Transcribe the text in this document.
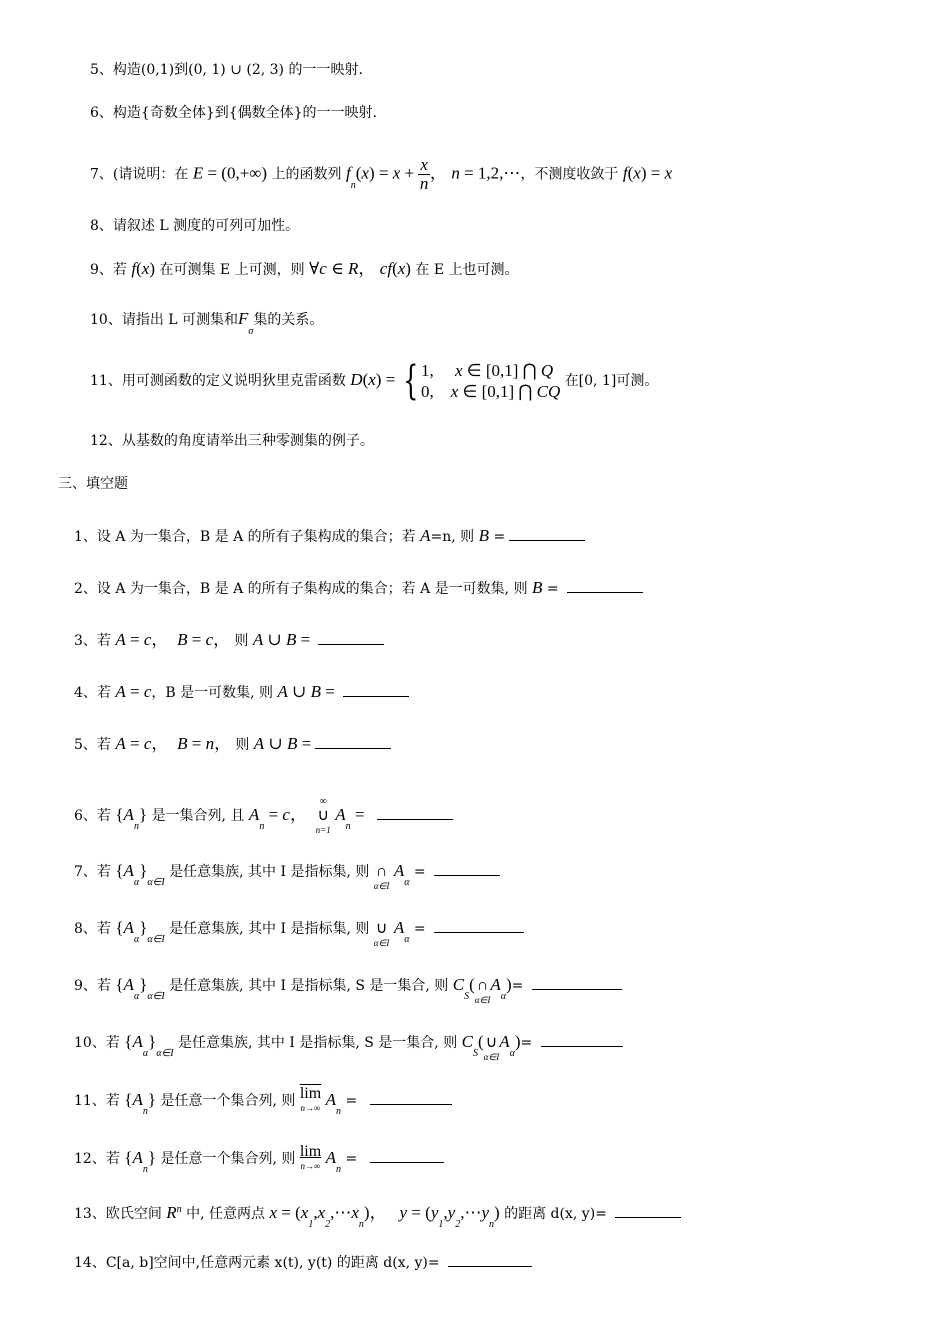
5、构造(0,1)到(0, 1) ∪ (2, 3) 的一一映射.
6、构造{奇数全体}到{偶数全体}的一一映射.
7、(请说明：在 E = (0,+∞) 上的函数列 $f_n(x) = x + \frac{x}{n}$ ， n = 1,2,⋯，不测度收敛于 f(x) = x
8、请叙述 L 测度的可列可加性。
9、若 f(x) 在可测集 E 上可测，则 ∀c ∈ R， cf(x) 在 E 上也可测。
10、请指出 L 可测集和$F_\sigma$集的关系。
11、用可测函数的定义说明狄里克雷函数 D(x) = { 1,     x ∈ [0,1] ⋂ Q
0,    x ∈ [0,1] ⋂ CQ
在[0, 1]可测。
12、从基数的角度请举出三种零测集的例子。
三、填空题
1、设 A 为一集合，B 是 A 的所有子集构成的集合；若 A=n, 则 B =
2、设 A 为一集合，B 是 A 的所有子集构成的集合；若 A 是一可数集, 则 B =
3、若 A = c，  B = c， 则 A ∪ B =
4、若 A = c，B 是一可数集, 则 A ∪ B =
5、若 A = c，  B = n， 则 A ∪ B =
6、若 $\{A_n\}$ 是一集合列, 且 $A_n = c$，
∞
∪
n=1
$A_n$ =
7、若 $\{A_\alpha\}_{\alpha\in I}$ 是任意集族, 其中 I 是指标集, 则
∩
α∈I
$A_\alpha$ =
8、若 $\{A_\alpha\}_{\alpha\in I}$ 是任意集族, 其中 I 是指标集, 则
∪
α∈I
$A_\alpha$ =
9、若 $\{A_\alpha\}_{\alpha\in I}$ 是任意集族, 其中 I 是指标集, S 是一集合, 则 $C_S$(
∩
α∈I
$A_\alpha)=$
10、若 $\{A_\alpha\}_{\alpha\in I}$ 是任意集族, 其中 I 是指标集, S 是一集合, 则 $C_S$(
∪
α∈I
$A_\alpha)=$
11、若 $\{A_n\}$ 是任意一个集合列, 则 $\overline{lim}$
n→∞ $A_n$ =
12、若 $\{A_n\}$ 是任意一个集合列, 则 lim
n→∞ $A_n$ =
13、欧氏空间 $R^n$ 中, 任意两点 $x = (x_1,x_2,\cdots x_n)$，   $y = (y_1,y_2,\cdots y_n)$ 的距离 d(x, y)=
14、C[a, b]空间中,任意两元素 x(t), y(t) 的距离 d(x, y)=
